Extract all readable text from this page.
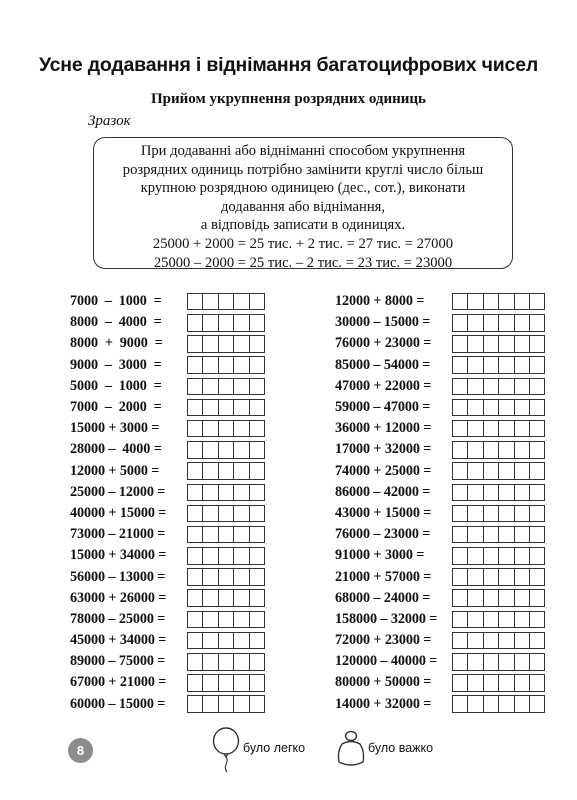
Усне додавання і віднімання багатоцифрових чисел
Прийом укрупнення розрядних одиниць
Зразок
При додаванні або відніманні способом укрупнення
розрядних одиниць потрібно замінити круглі число більш
крупною розрядною одиницею (дес., сот.), виконати
додавання або віднімання,
а відповідь записати в одиницях.
25000 + 2000 = 25 тис. + 2 тис. = 27 тис. = 27000
25000 – 2000 = 25 тис. – 2 тис. = 23 тис. = 23000
7000  –  1000  =
8000  –  4000  =
8000  +  9000  =
9000  –  3000  =
5000  –  1000  =
7000  –  2000  =
15000 + 3000 =
28000 –  4000 =
12000 + 5000 =
25000 – 12000 =
40000 + 15000 =
73000 – 21000 =
15000 + 34000 =
56000 – 13000 =
63000 + 26000 =
78000 – 25000 =
45000 + 34000 =
89000 – 75000 =
67000 + 21000 =
60000 – 15000 =
12000 + 8000 =
30000 – 15000 =
76000 + 23000 =
85000 – 54000 =
47000 + 22000 =
59000 – 47000 =
36000 + 12000 =
17000 + 32000 =
74000 + 25000 =
86000 – 42000 =
43000 + 15000 =
76000 – 23000 =
91000 + 3000 =
21000 + 57000 =
68000 – 24000 =
158000 – 32000 =
72000 + 23000 =
120000 – 40000 =
80000 + 50000 =
14000 + 32000 =
8	було легко	було важко
